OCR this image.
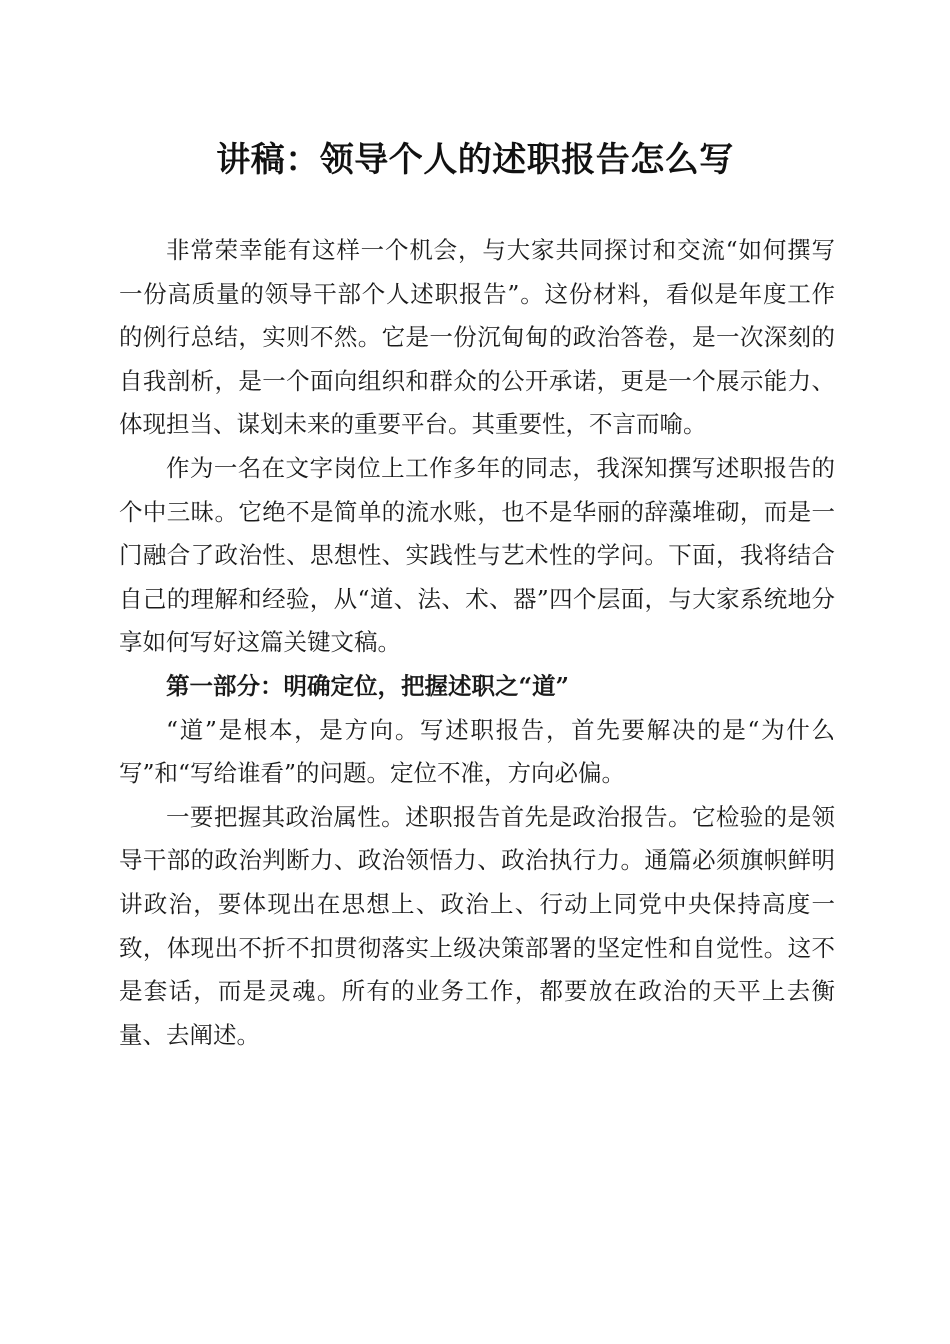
讲稿：领导个人的述职报告怎么写

非常荣幸能有这样一个机会，与大家共同探讨和交流“如何撰写一份高质量的领导干部个人述职报告”。这份材料，看似是年度工作的例行总结，实则不然。它是一份沉甸甸的政治答卷，是一次深刻的自我剖析，是一个面向组织和群众的公开承诺，更是一个展示能力、体现担当、谋划未来的重要平台。其重要性，不言而喻。

作为一名在文字岗位上工作多年的同志，我深知撰写述职报告的个中三昧。它绝不是简单的流水账，也不是华丽的辞藻堆砌，而是一门融合了政治性、思想性、实践性与艺术性的学问。下面，我将结合自己的理解和经验，从“道、法、术、器”四个层面，与大家系统地分享如何写好这篇关键文稿。

第一部分：明确定位，把握述职之“道”

“道”是根本，是方向。写述职报告，首先要解决的是“为什么写”和“写给谁看”的问题。定位不准，方向必偏。

一要把握其政治属性。述职报告首先是政治报告。它检验的是领导干部的政治判断力、政治领悟力、政治执行力。通篇必须旗帜鲜明讲政治，要体现出在思想上、政治上、行动上同党中央保持高度一致，体现出不折不扣贯彻落实上级决策部署的坚定性和自觉性。这不是套话，而是灵魂。所有的业务工作，都要放在政治的天平上去衡量、去阐述。
